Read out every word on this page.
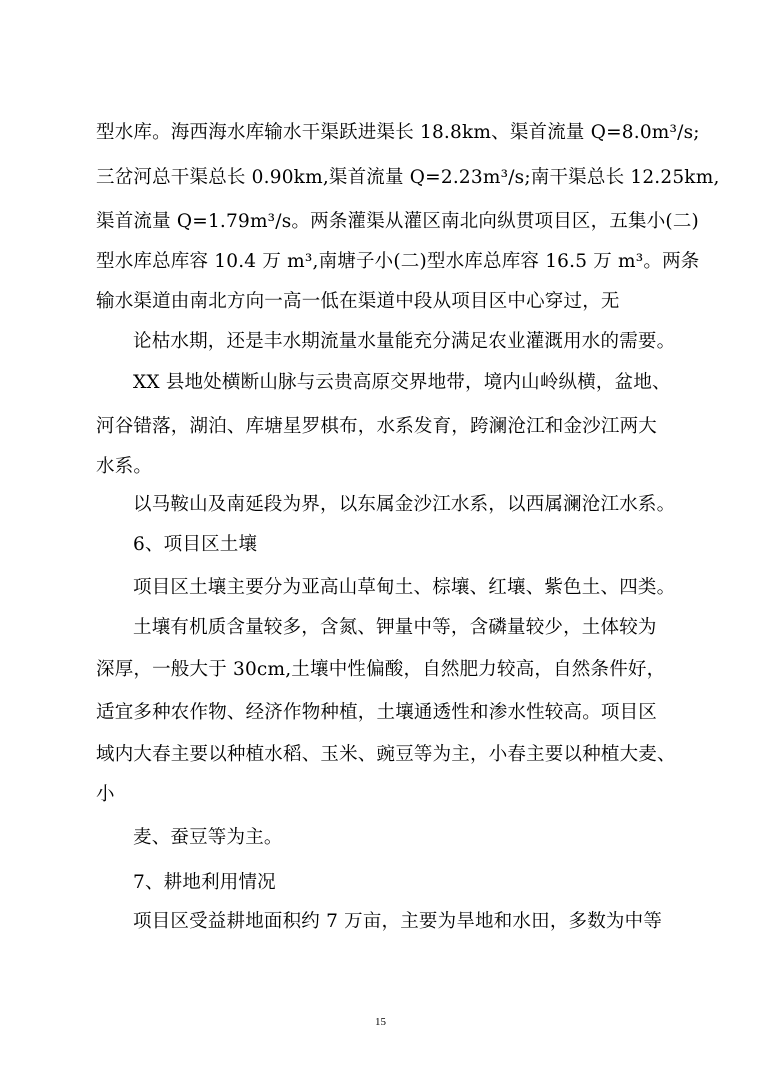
型水库。海西海水库输水干渠跃进渠长 18.8km、渠首流量 Q=8.0m³/s;
三岔河总干渠总长 0.90km,渠首流量 Q=2.23m³/s;南干渠总长 12.25km,
渠首流量 Q=1.79m³/s。两条灌渠从灌区南北向纵贯项目区，五集小(二)
型水库总库容 10.4 万 m³,南塘子小(二)型水库总库容 16.5 万 m³。两条
输水渠道由南北方向一高一低在渠道中段从项目区中心穿过，无
论枯水期，还是丰水期流量水量能充分满足农业灌溉用水的需要。
XX 县地处横断山脉与云贵高原交界地带，境内山岭纵横，盆地、
河谷错落，湖泊、库塘星罗棋布，水系发育，跨澜沧江和金沙江两大
水系。
以马鞍山及南延段为界，以东属金沙江水系，以西属澜沧江水系。
6、项目区土壤
项目区土壤主要分为亚高山草甸土、棕壤、红壤、紫色土、四类。
土壤有机质含量较多，含氮、钾量中等，含磷量较少，土体较为
深厚，一般大于 30cm,土壤中性偏酸，自然肥力较高，自然条件好，
适宜多种农作物、经济作物种植，土壤通透性和渗水性较高。项目区
域内大春主要以种植水稻、玉米、豌豆等为主，小春主要以种植大麦、
小
麦、蚕豆等为主。
7、耕地利用情况
项目区受益耕地面积约 7 万亩，主要为旱地和水田，多数为中等
15
